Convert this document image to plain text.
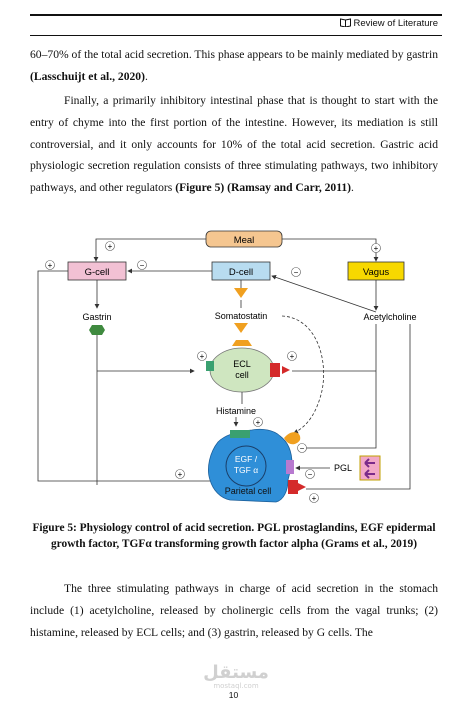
Review of Literature

60–70% of the total acid secretion. This phase appears to be mainly mediated by gastrin (Lasschuijt et al., 2020).

Finally, a primarily inhibitory intestinal phase that is thought to start with the entry of chyme into the first portion of the intestine. However, its mediation is still controversial, and it only accounts for 10% of the total acid secretion. Gastric acid physiologic secretion regulation consists of three stimulating pathways, two inhibitory pathways, and other regulators (Figure 5) (Ramsay and Carr, 2011).

Meal
+	+
G-cell	D-cell	Vagus
−
+
−
Gastrin	Somatostatin	Acetylcholine
ECL
cell
+	+
Histamine
+
EGF /
TGF α
Parietal cell
+	−
+
−
PGL
Figure 5: Physiology control of acid secretion. PGL prostaglandins, EGF epidermal growth factor, TGFα transforming growth factor alpha (Grams et al., 2019)

The three stimulating pathways in charge of acid secretion in the stomach include (1) acetylcholine, released by cholinergic cells from the vagal trunks; (2) histamine, released by ECL cells; and (3) gastrin, released by G cells. The

مستقل
mostaql.com
10
